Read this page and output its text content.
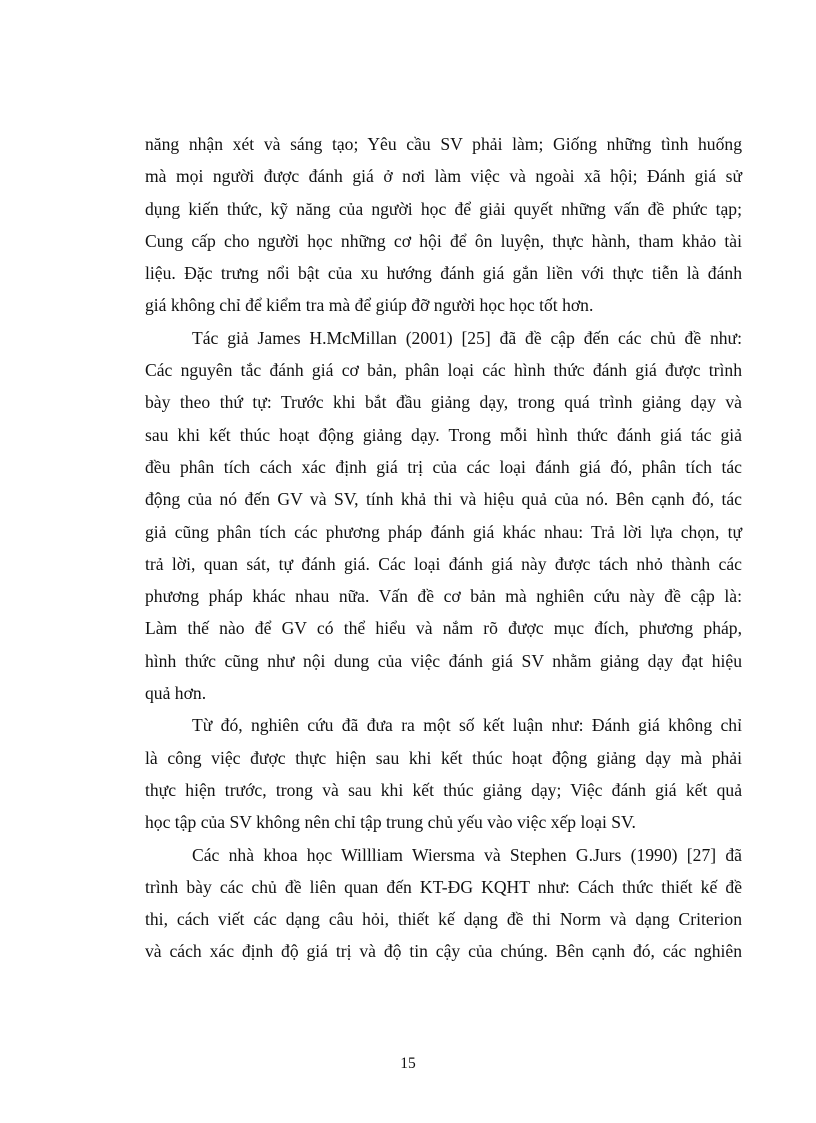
năng nhận xét và sáng tạo; Yêu cầu SV phải làm; Giống những tình huống
mà mọi người được đánh giá ở nơi làm việc và ngoài xã hội; Đánh giá sử
dụng kiến thức, kỹ năng của người học để giải quyết những vấn đề phức tạp;
Cung cấp cho người học những cơ hội để ôn luyện, thực hành, tham khảo tài
liệu. Đặc trưng nổi bật của xu hướng đánh giá gắn liền với thực tiễn là đánh
giá không chỉ để kiểm tra mà để giúp đỡ người học học tốt hơn.
Tác giả James H.McMillan (2001) [25] đã đề cập đến các chủ đề như:
Các nguyên tắc đánh giá cơ bản, phân loại các hình thức đánh giá được trình
bày theo thứ tự: Trước khi bắt đầu giảng dạy, trong quá trình giảng dạy và
sau khi kết thúc hoạt động giảng dạy. Trong mỗi hình thức đánh giá tác giả
đều phân tích cách xác định giá trị của các loại đánh giá đó, phân tích tác
động của nó đến GV và SV, tính khả thi và hiệu quả của nó. Bên cạnh đó, tác
giả cũng phân tích các phương pháp đánh giá khác nhau: Trả lời lựa chọn, tự
trả lời, quan sát, tự đánh giá. Các loại đánh giá này được tách nhỏ thành các
phương pháp khác nhau nữa. Vấn đề cơ bản mà nghiên cứu này đề cập là:
Làm thế nào để GV có thể hiểu và nắm rõ được mục đích, phương pháp,
hình thức cũng như nội dung của việc đánh giá SV nhằm giảng dạy đạt hiệu
quả hơn.
Từ đó, nghiên cứu đã đưa ra một số kết luận như: Đánh giá không chỉ
là công việc được thực hiện sau khi kết thúc hoạt động giảng dạy mà phải
thực hiện trước, trong và sau khi kết thúc giảng dạy; Việc đánh giá kết quả
học tập của SV không nên chỉ tập trung chủ yếu vào việc xếp loại SV.
Các nhà khoa học Willliam Wiersma và Stephen G.Jurs (1990) [27] đã
trình bày các chủ đề liên quan đến KT-ĐG KQHT như: Cách thức thiết kế đề
thi, cách viết các dạng câu hỏi, thiết kế dạng đề thi Norm và dạng Criterion
và cách xác định độ giá trị và độ tin cậy của chúng. Bên cạnh đó, các nghiên
15
